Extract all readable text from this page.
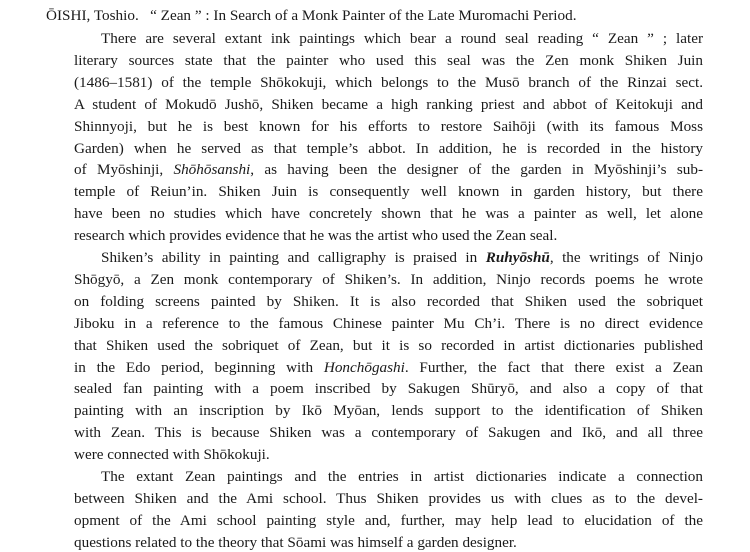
ŌISHI, Toshio. “ Zean ” : In Search of a Monk Painter of the Late Muromachi Period.
There are several extant ink paintings which bear a round seal reading “ Zean ” ; later
literary sources state that the painter who used this seal was the Zen monk Shiken Juin
(1486–1581) of the temple Shōkokuji, which belongs to the Musō branch of the Rinzai sect.
A student of Mokudō Jushō, Shiken became a high ranking priest and abbot of Keitokuji and
Shinnyoji, but he is best known for his efforts to restore Saihōji (with its famous Moss
Garden) when he served as that temple’s abbot. In addition, he is recorded in the history
of Myōshinji, Shōhōsanshi, as having been the designer of the garden in Myōshinji’s sub-
temple of Reiun’in. Shiken Juin is consequently well known in garden history, but there
have been no studies which have concretely shown that he was a painter as well, let alone
research which provides evidence that he was the artist who used the Zean seal.
Shiken’s ability in painting and calligraphy is praised in Ruhyōshū, the writings of Ninjo
Shōgyō, a Zen monk contemporary of Shiken’s. In addition, Ninjo records poems he wrote
on folding screens painted by Shiken. It is also recorded that Shiken used the sobriquet
Jiboku in a reference to the famous Chinese painter Mu Ch’i. There is no direct evidence
that Shiken used the sobriquet of Zean, but it is so recorded in artist dictionaries published
in the Edo period, beginning with Honchōgashi. Further, the fact that there exist a Zean
sealed fan painting with a poem inscribed by Sakugen Shūryō, and also a copy of that
painting with an inscription by Ikō Myōan, lends support to the identification of Shiken
with Zean. This is because Shiken was a contemporary of Sakugen and Ikō, and all three
were connected with Shōkokuji.
The extant Zean paintings and the entries in artist dictionaries indicate a connection
between Shiken and the Ami school. Thus Shiken provides us with clues as to the devel-
opment of the Ami school painting style and, further, may help lead to elucidation of the
questions related to the theory that Sōami was himself a garden designer.
